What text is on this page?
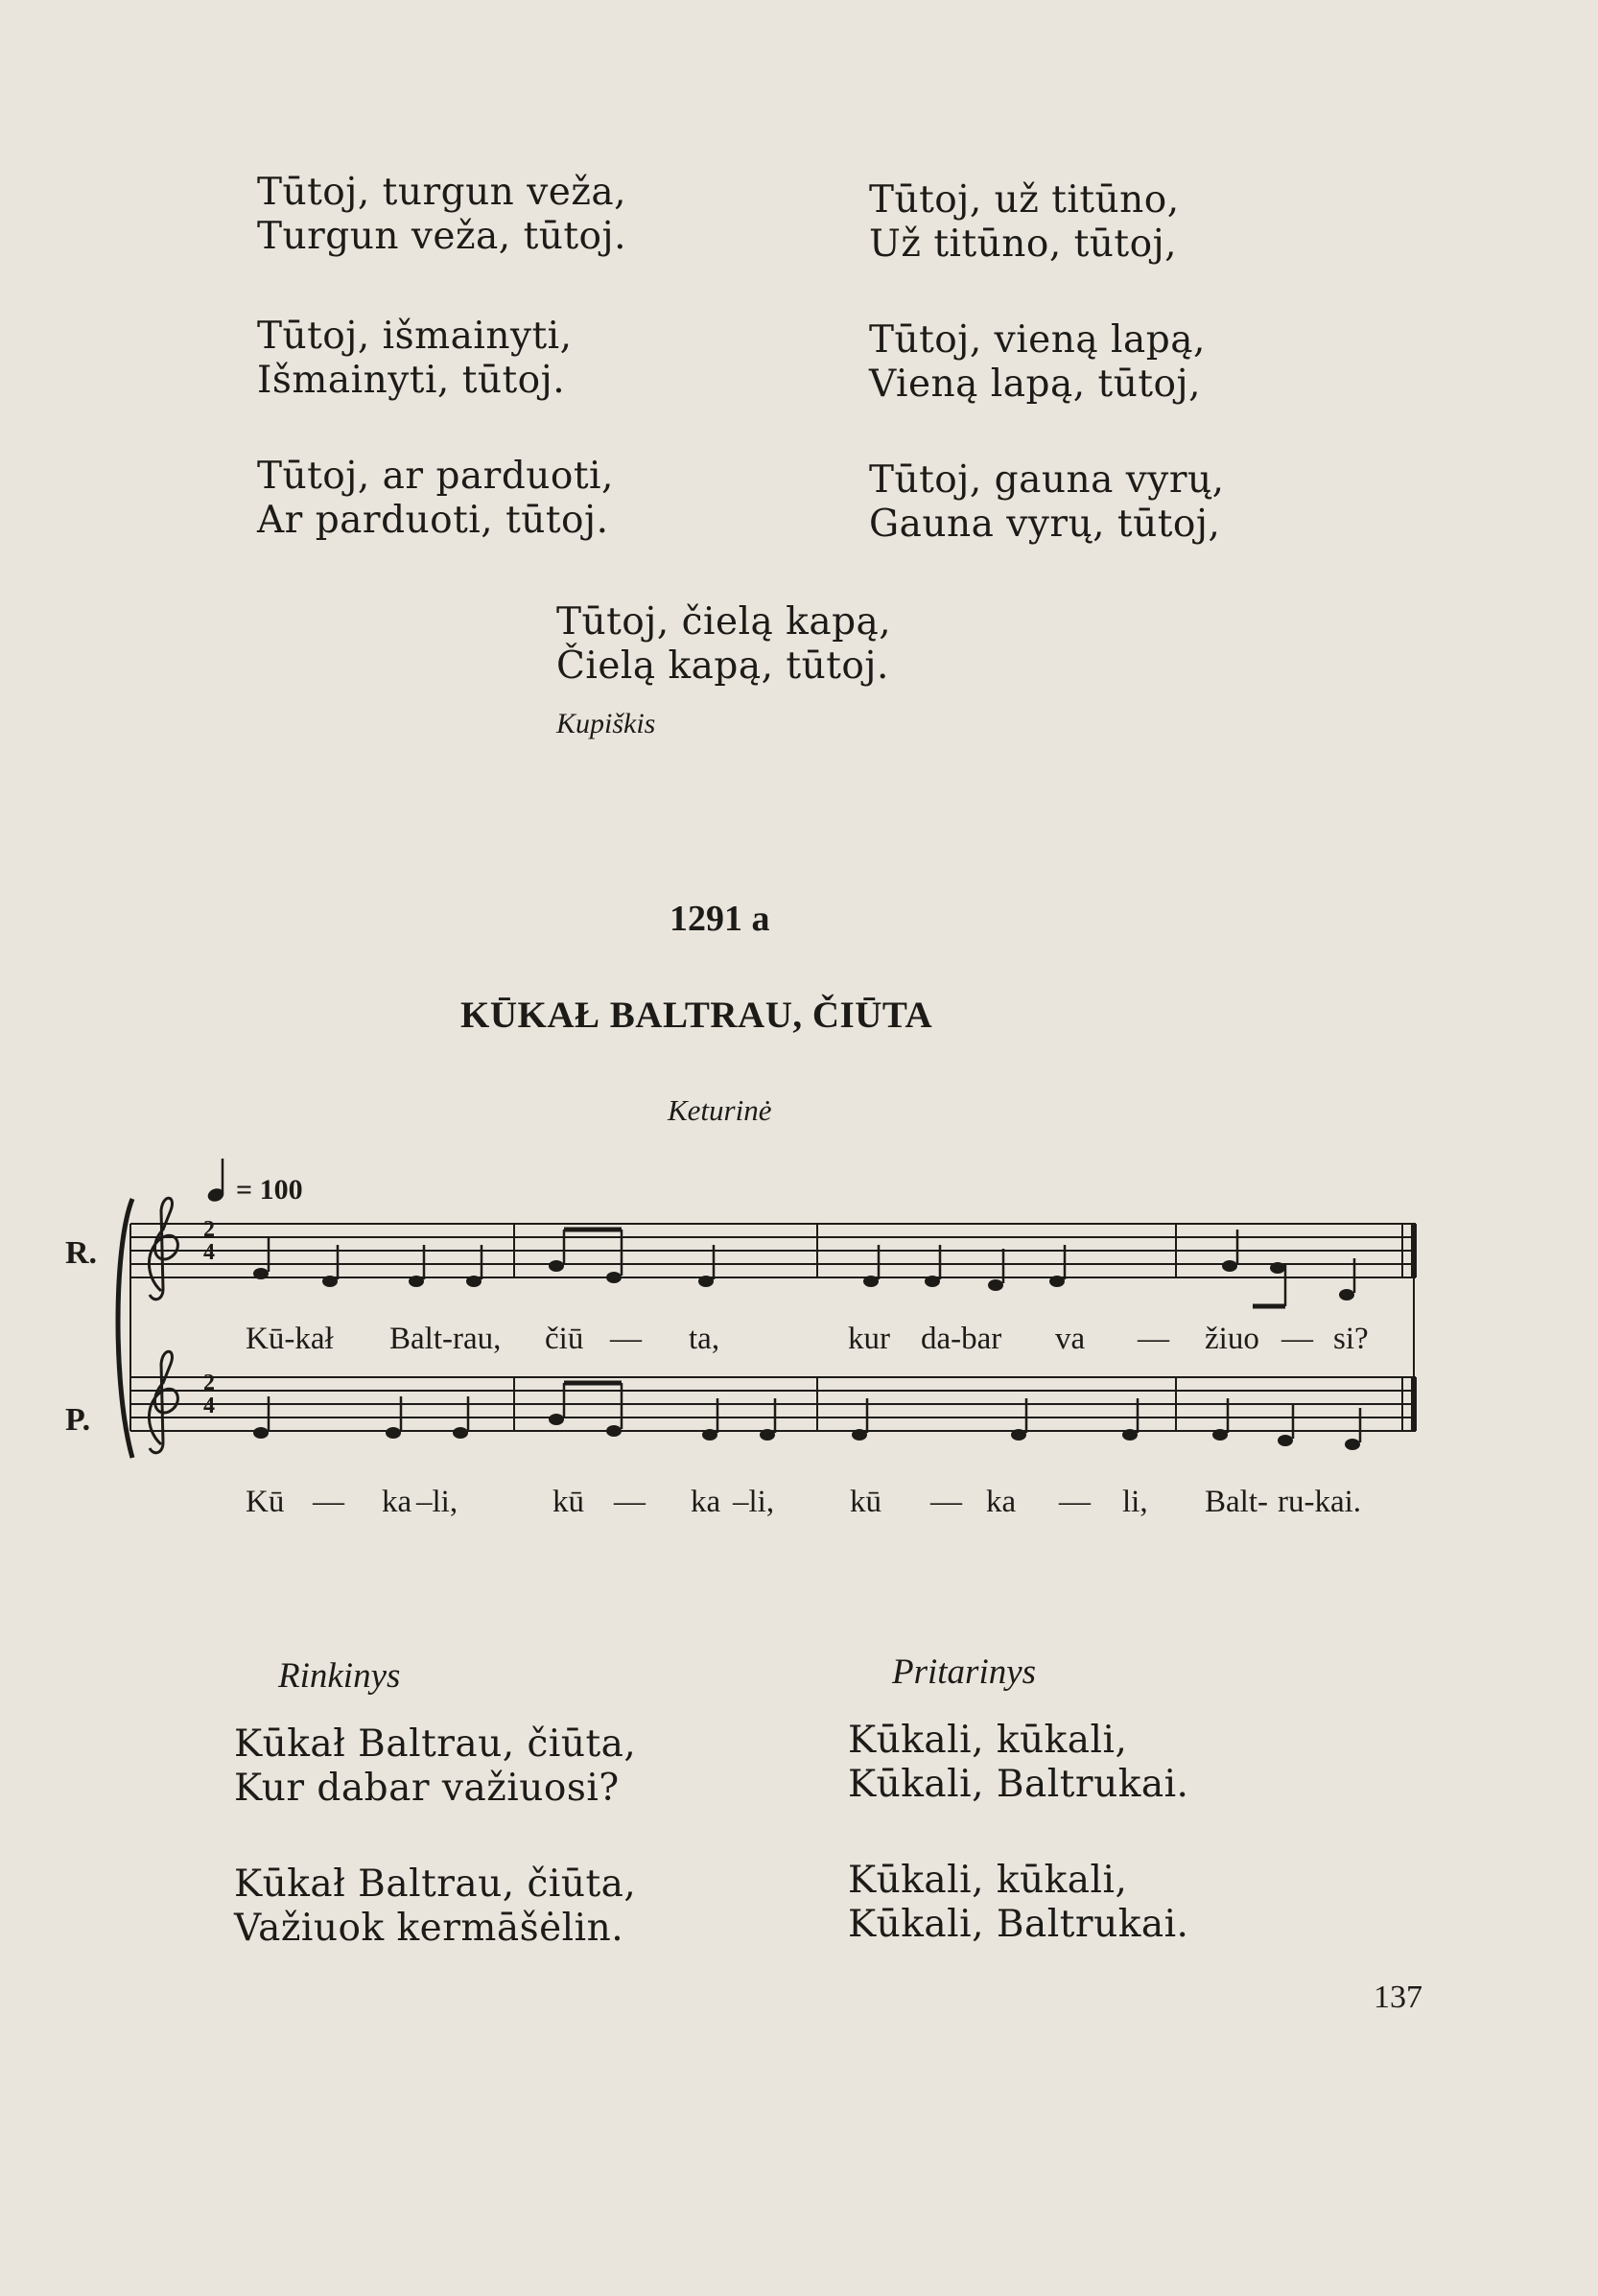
Tūtoj, turgun veža,
Turgun veža, tūtoj.
Tūtoj, išmainyti,
Išmainyti, tūtoj.
Tūtoj, ar parduoti,
Ar parduoti, tūtoj.
Tūtoj, už titūno,
Už titūno, tūtoj,
Tūtoj, vieną lapą,
Vieną lapą, tūtoj,
Tūtoj, gauna vyrų,
Gauna vyrų, tūtoj,
Tūtoj, čielą kapą,
Čielą kapą, tūtoj.
Kupiškis
1291 a
KŪKAŁ BALTRAU, ČIŪTA
Keturinė
R.
P.
= 100
2
4
2
4
Kū-kał Balt-rau, čiū — ta,	kur da-bar va — žiuo — si?
Kū — ka –li,	kū — ka –li, kū — ka — li, Balt- ru-kai.
Rinkinys	Pritarinys
Kūkał Baltrau, čiūta,
Kur dabar važiuosi?
Kūkał Baltrau, čiūta,
Važiuok kermāšėlin.
Kūkali, kūkali,
Kūkali, Baltrukai.
Kūkali, kūkali,
Kūkali, Baltrukai.
137
